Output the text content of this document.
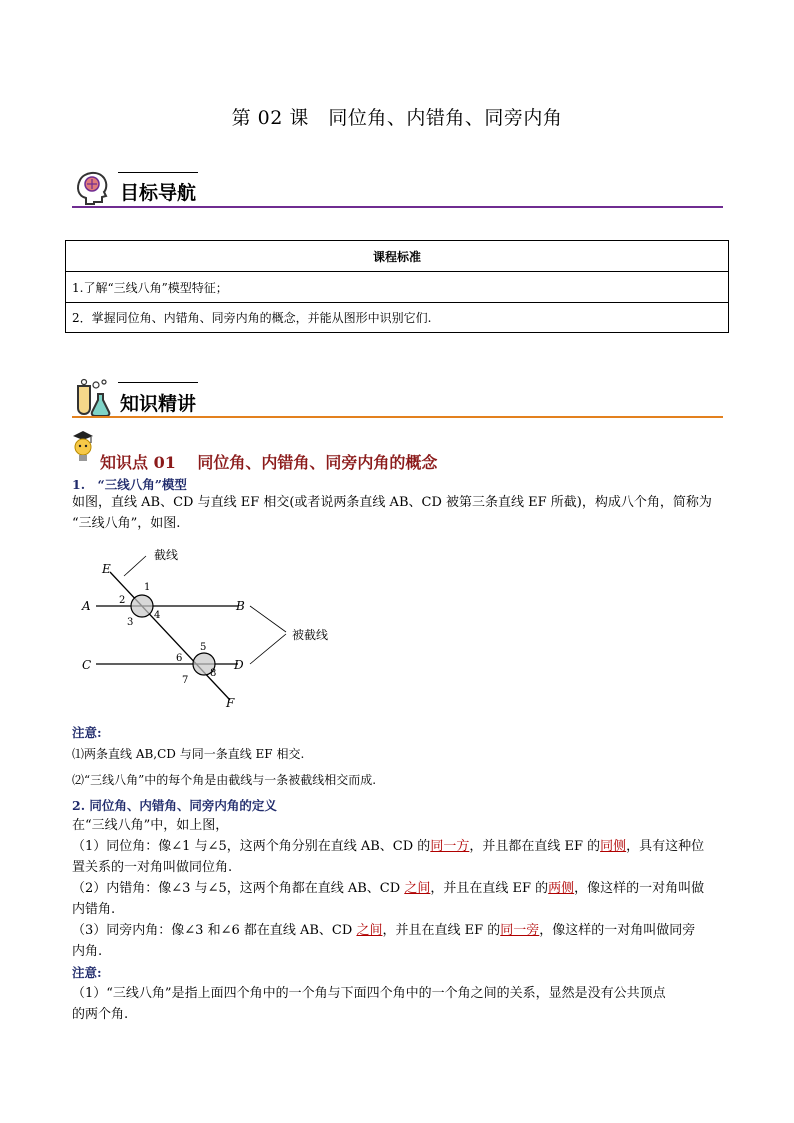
第 02 课　同位角、内错角、同旁内角
目标导航
课程标准
1.了解“三线八角”模型特征；
2．掌握同位角、内错角、同旁内角的概念，并能从图形中识别它们.
知识精讲
知识点 01　 同位角、内错角、同旁内角的概念
1.　“三线八角”模型
如图，直线 AB、CD 与直线 EF 相交(或者说两条直线 AB、CD 被第三条直线 EF 所截)，构成八个角，简称为
“三线八角”，如图.
截线
被截线
E
F
A	B
C	D
1
2
3
4
5
6
7
8
注意:
⑴两条直线 AB,CD 与同一条直线 EF 相交.
⑵“三线八角”中的每个角是由截线与一条被截线相交而成.
2. 同位角、内错角、同旁内角的定义
在“三线八角”中，如上图，
（1）同位角：像∠1 与∠5，这两个角分别在直线 AB、CD 的同一方，并且都在直线 EF 的同侧，具有这种位
置关系的一对角叫做同位角.
（2）内错角：像∠3 与∠5，这两个角都在直线 AB、CD 之间，并且在直线 EF 的两侧，像这样的一对角叫做
内错角.
（3）同旁内角：像∠3 和∠6 都在直线 AB、CD 之间，并且在直线 EF 的同一旁，像这样的一对角叫做同旁
内角.
注意:
（1）“三线八角”是指上面四个角中的一个角与下面四个角中的一个角之间的关系，显然是没有公共顶点
的两个角.
